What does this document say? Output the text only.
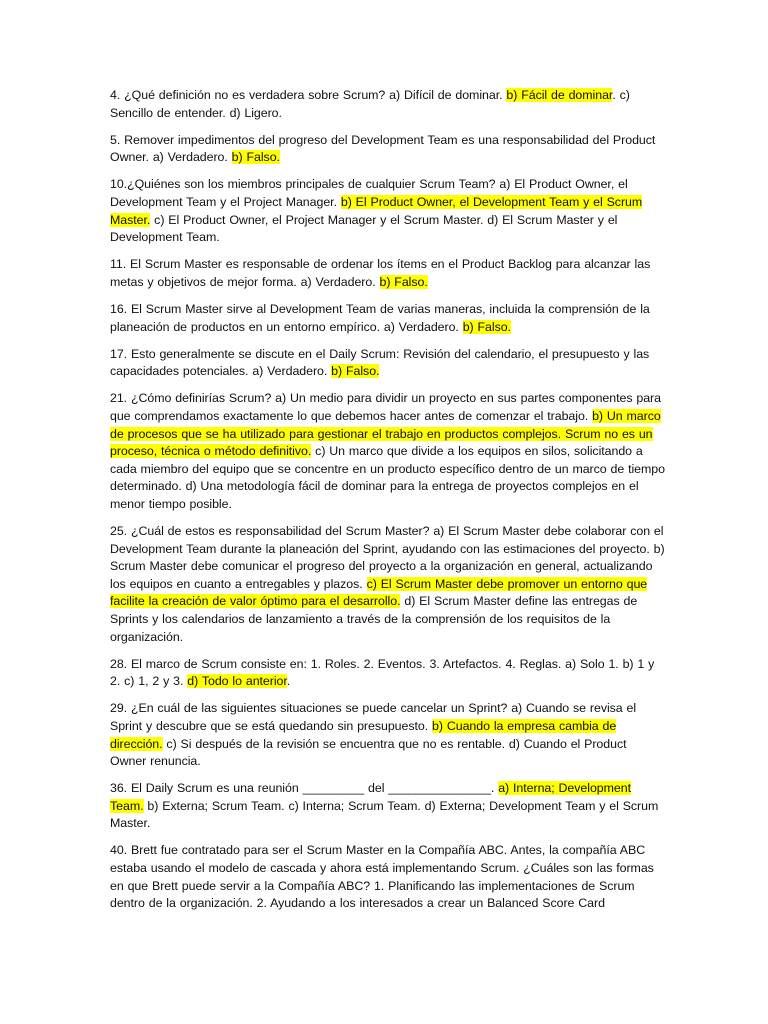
4. ¿Qué definición no es verdadera sobre Scrum? a) Difícil de dominar. b) Fácil de dominar. c) Sencillo de entender. d) Ligero.

5. Remover impedimentos del progreso del Development Team es una responsabilidad del Product Owner. a) Verdadero. b) Falso.

10.¿Quiénes son los miembros principales de cualquier Scrum Team? a) El Product Owner, el Development Team y el Project Manager. b) El Product Owner, el Development Team y el Scrum Master. c) El Product Owner, el Project Manager y el Scrum Master. d) El Scrum Master y el Development Team.

11. El Scrum Master es responsable de ordenar los ítems en el Product Backlog para alcanzar las metas y objetivos de mejor forma. a) Verdadero. b) Falso.

16. El Scrum Master sirve al Development Team de varias maneras, incluida la comprensión de la planeación de productos en un entorno empírico. a) Verdadero. b) Falso.

17. Esto generalmente se discute en el Daily Scrum: Revisión del calendario, el presupuesto y las capacidades potenciales. a) Verdadero. b) Falso.

21. ¿Cómo definirías Scrum? a) Un medio para dividir un proyecto en sus partes componentes para que comprendamos exactamente lo que debemos hacer antes de comenzar el trabajo. b) Un marco de procesos que se ha utilizado para gestionar el trabajo en productos complejos. Scrum no es un proceso, técnica o método definitivo. c) Un marco que divide a los equipos en silos, solicitando a cada miembro del equipo que se concentre en un producto específico dentro de un marco de tiempo determinado. d) Una metodología fácil de dominar para la entrega de proyectos complejos en el menor tiempo posible.

25. ¿Cuál de estos es responsabilidad del Scrum Master? a) El Scrum Master debe colaborar con el Development Team durante la planeación del Sprint, ayudando con las estimaciones del proyecto. b) Scrum Master debe comunicar el progreso del proyecto a la organización en general, actualizando los equipos en cuanto a entregables y plazos. c) El Scrum Master debe promover un entorno que facilite la creación de valor óptimo para el desarrollo. d) El Scrum Master define las entregas de Sprints y los calendarios de lanzamiento a través de la comprensión de los requisitos de la organización.

28. El marco de Scrum consiste en: 1. Roles. 2. Eventos. 3. Artefactos. 4. Reglas. a) Solo 1. b) 1 y 2. c) 1, 2 y 3. d) Todo lo anterior.

29. ¿En cuál de las siguientes situaciones se puede cancelar un Sprint? a) Cuando se revisa el Sprint y descubre que se está quedando sin presupuesto. b) Cuando la empresa cambia de dirección. c) Si después de la revisión se encuentra que no es rentable. d) Cuando el Product Owner renuncia.

36. El Daily Scrum es una reunión _________ del _______________. a) Interna; Development Team. b) Externa; Scrum Team. c) Interna; Scrum Team. d) Externa; Development Team y el Scrum Master.

40. Brett fue contratado para ser el Scrum Master en la Compañía ABC. Antes, la compañía ABC estaba usando el modelo de cascada y ahora está implementando Scrum. ¿Cuáles son las formas en que Brett puede servir a la Compañía ABC? 1. Planificando las implementaciones de Scrum dentro de la organización. 2. Ayudando a los interesados a crear un Balanced Score Card
